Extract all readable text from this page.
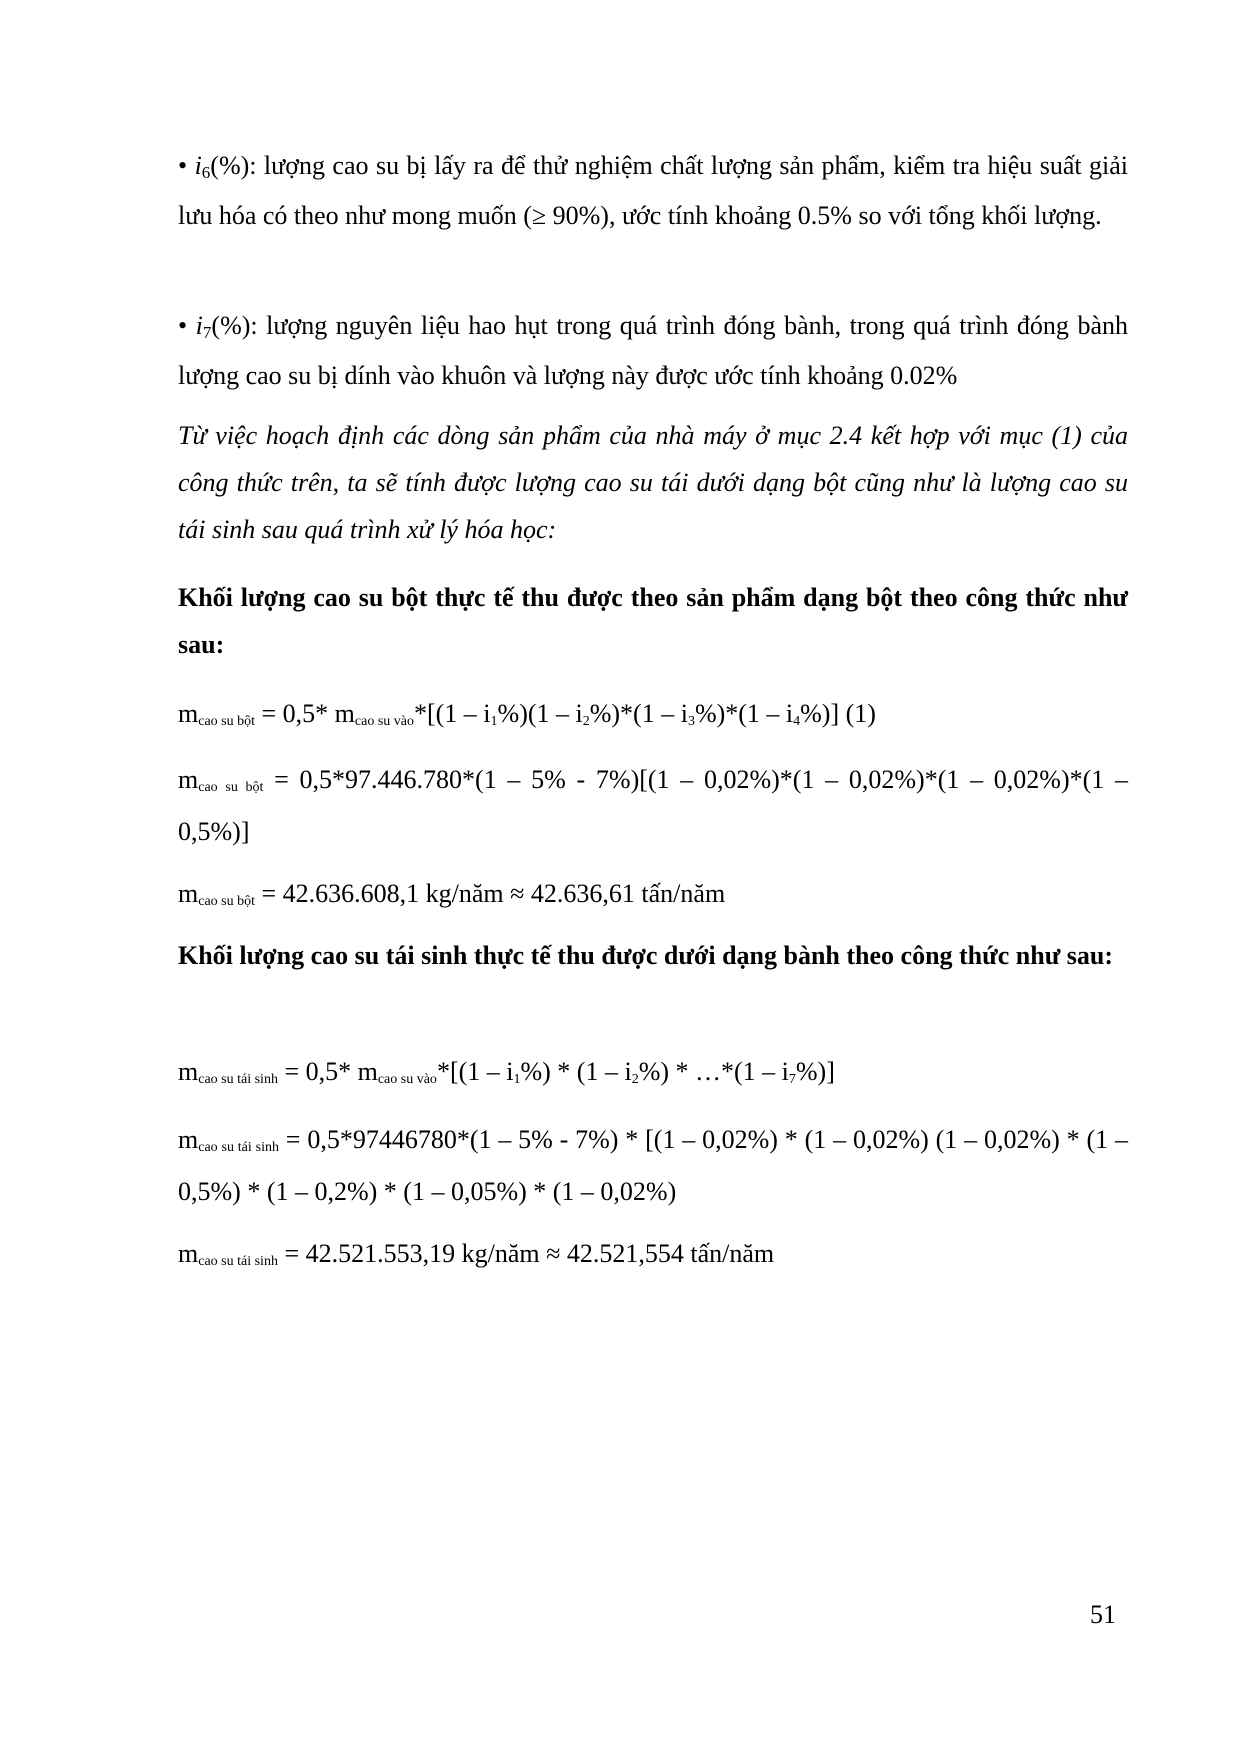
• i6(%): lượng cao su bị lấy ra để thử nghiệm chất lượng sản phẩm, kiểm tra hiệu suất giải lưu hóa có theo như mong muốn (≥ 90%), ước tính khoảng 0.5% so với tổng khối lượng.

• i7(%): lượng nguyên liệu hao hụt trong quá trình đóng bành, trong quá trình đóng bành lượng cao su bị dính vào khuôn và lượng này được ước tính khoảng 0.02%

Từ việc hoạch định các dòng sản phẩm của nhà máy ở mục 2.4 kết hợp với mục (1) của công thức trên, ta sẽ tính được lượng cao su tái dưới dạng bột cũng như là lượng cao su tái sinh sau quá trình xử lý hóa học:

Khối lượng cao su bột thực tế thu được theo sản phẩm dạng bột theo công thức như sau:

mcao su bột = 0,5* mcao su vào*[(1 – i1%)(1 – i2%)*(1 – i3%)*(1 – i4%)] (1)

mcao su bột = 0,5*97.446.780*(1 – 5% - 7%)[(1 – 0,02%)*(1 – 0,02%)*(1 – 0,02%)*(1 – 0,5%)]

mcao su bột = 42.636.608,1 kg/năm ≈ 42.636,61 tấn/năm

Khối lượng cao su tái sinh thực tế thu được dưới dạng bành theo công thức như sau:

mcao su tái sinh = 0,5* mcao su vào*[(1 – i1%) * (1 – i2%) * …*(1 – i7%)]

mcao su tái sinh = 0,5*97446780*(1 – 5% - 7%) * [(1 – 0,02%) * (1 – 0,02%) (1 – 0,02%) * (1 – 0,5%) * (1 – 0,2%) * (1 – 0,05%) * (1 – 0,02%)

mcao su tái sinh = 42.521.553,19 kg/năm ≈ 42.521,554 tấn/năm

51
